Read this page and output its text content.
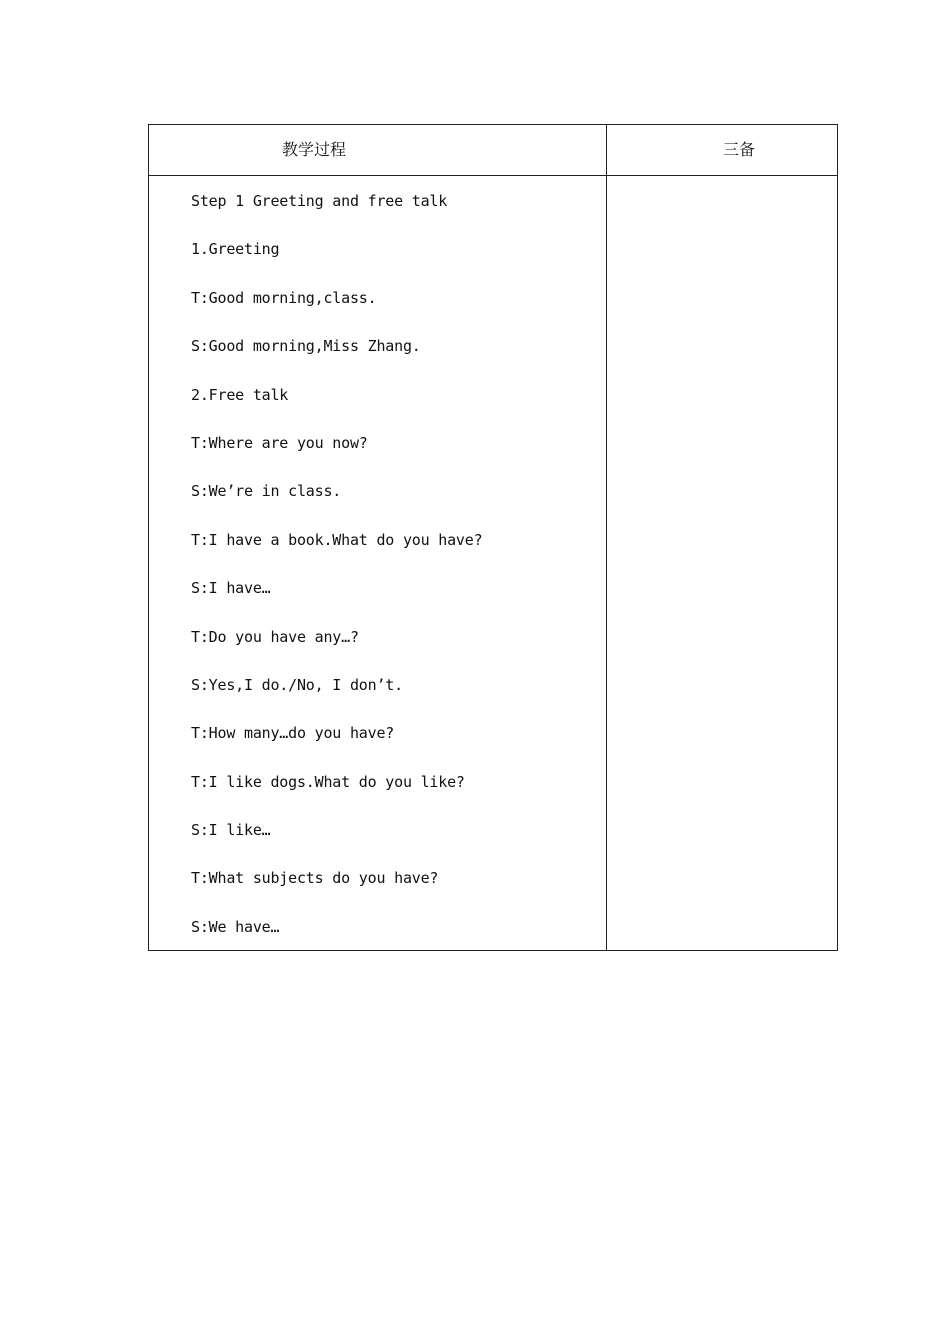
教学过程	三备
Step 1 Greeting and free talk
1.Greeting
T:Good morning,class.
S:Good morning,Miss Zhang.
2.Free talk
T:Where are you now?
S:We’re in class.
T:I have a book.What do you have?
S:I have…
T:Do you have any…?
S:Yes,I do./No, I don’t.
T:How many…do you have?
T:I like dogs.What do you like?
S:I like…
T:What subjects do you have?
S:We have…
